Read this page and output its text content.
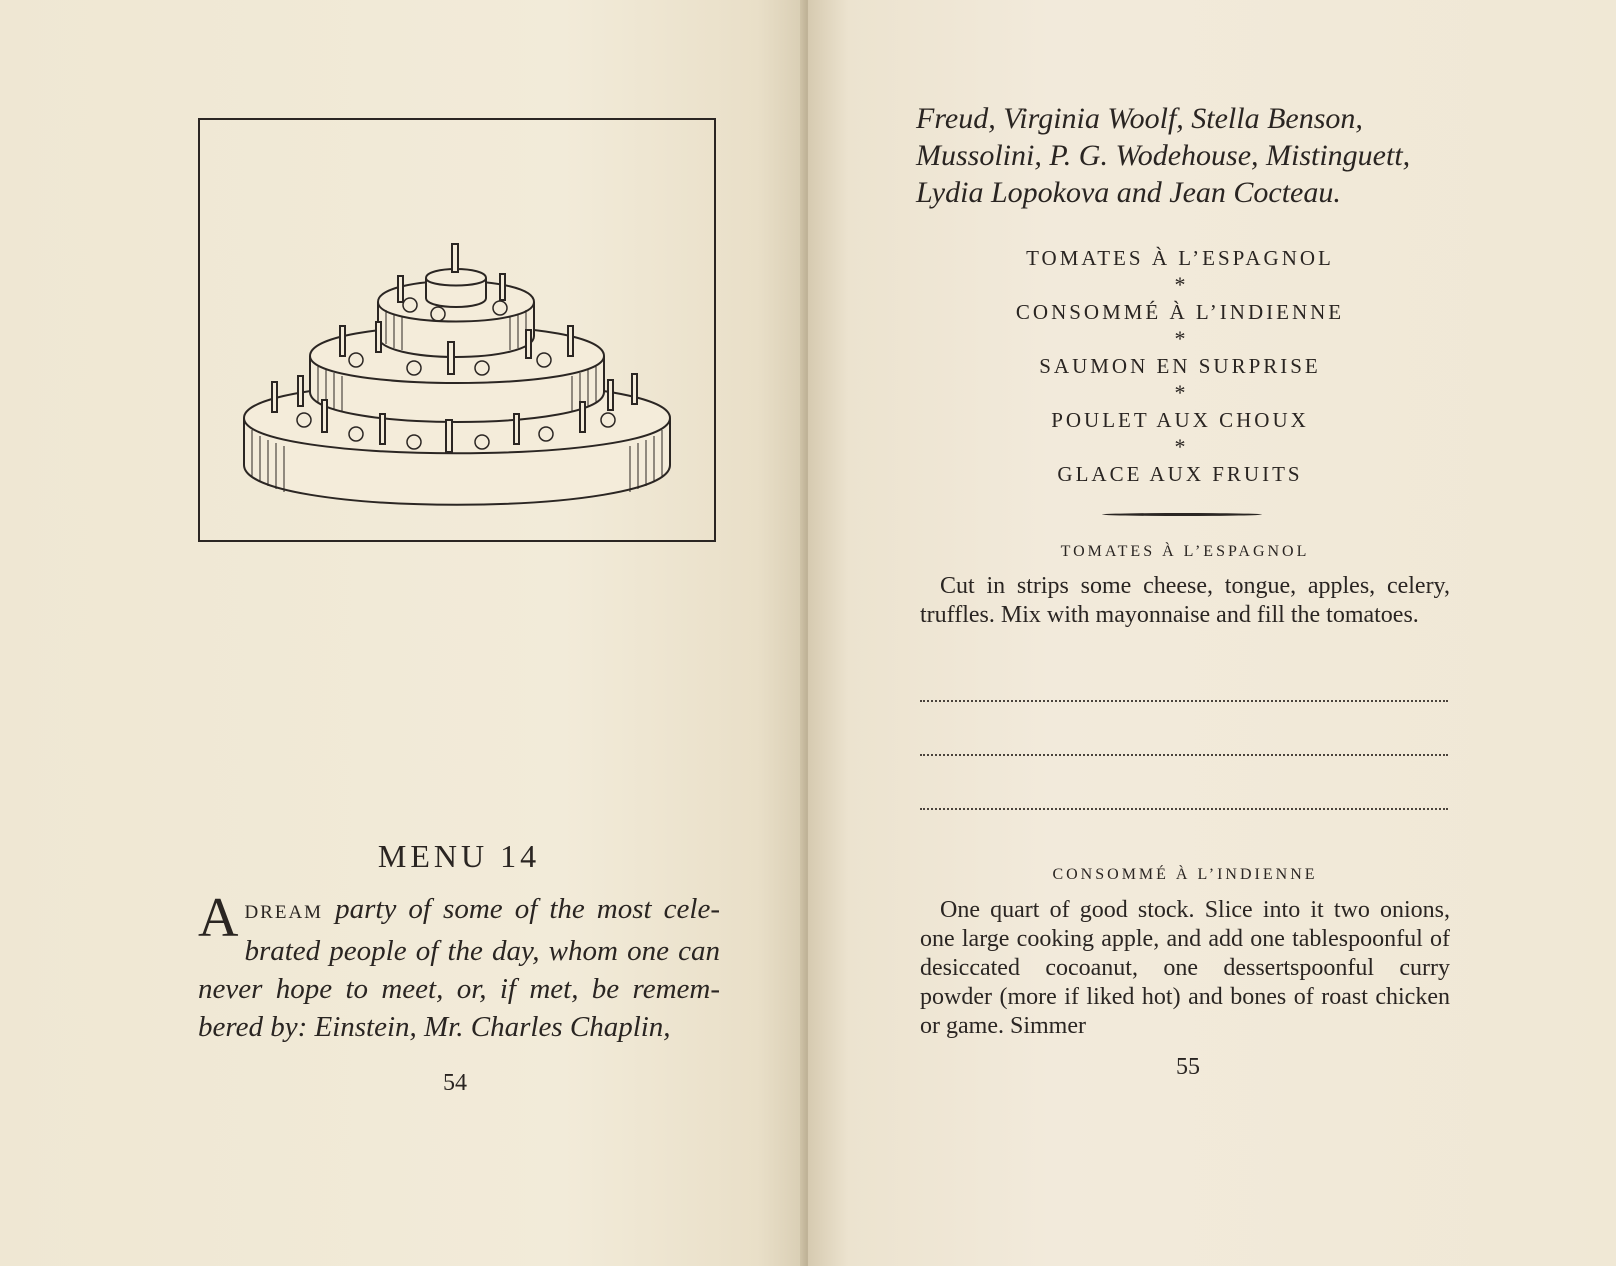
MENU 14
A DREAM party of some of the most cele- brated people of the day, whom one can never hope to meet, or, if met, be remem- bered by: Einstein, Mr. Charles Chaplin,
54
Freud, Virginia Woolf, Stella Benson,
Mussolini, P. G. Wodehouse, Mistinguett,
Lydia Lopokova and Jean Cocteau.
TOMATES À L’ESPAGNOL
*
CONSOMMÉ À L’INDIENNE
*
SAUMON EN SURPRISE
*
POULET AUX CHOUX
*
GLACE AUX FRUITS
TOMATES À L’ESPAGNOL
Cut in strips some cheese, tongue, apples, celery, truffles. Mix with mayonnaise and fill the tomatoes.
CONSOMMÉ À L’INDIENNE
One quart of good stock. Slice into it two onions, one large cooking apple, and add one tablespoonful of desiccated cocoanut, one dessertspoonful curry powder (more if liked hot) and bones of roast chicken or game. Simmer
55
